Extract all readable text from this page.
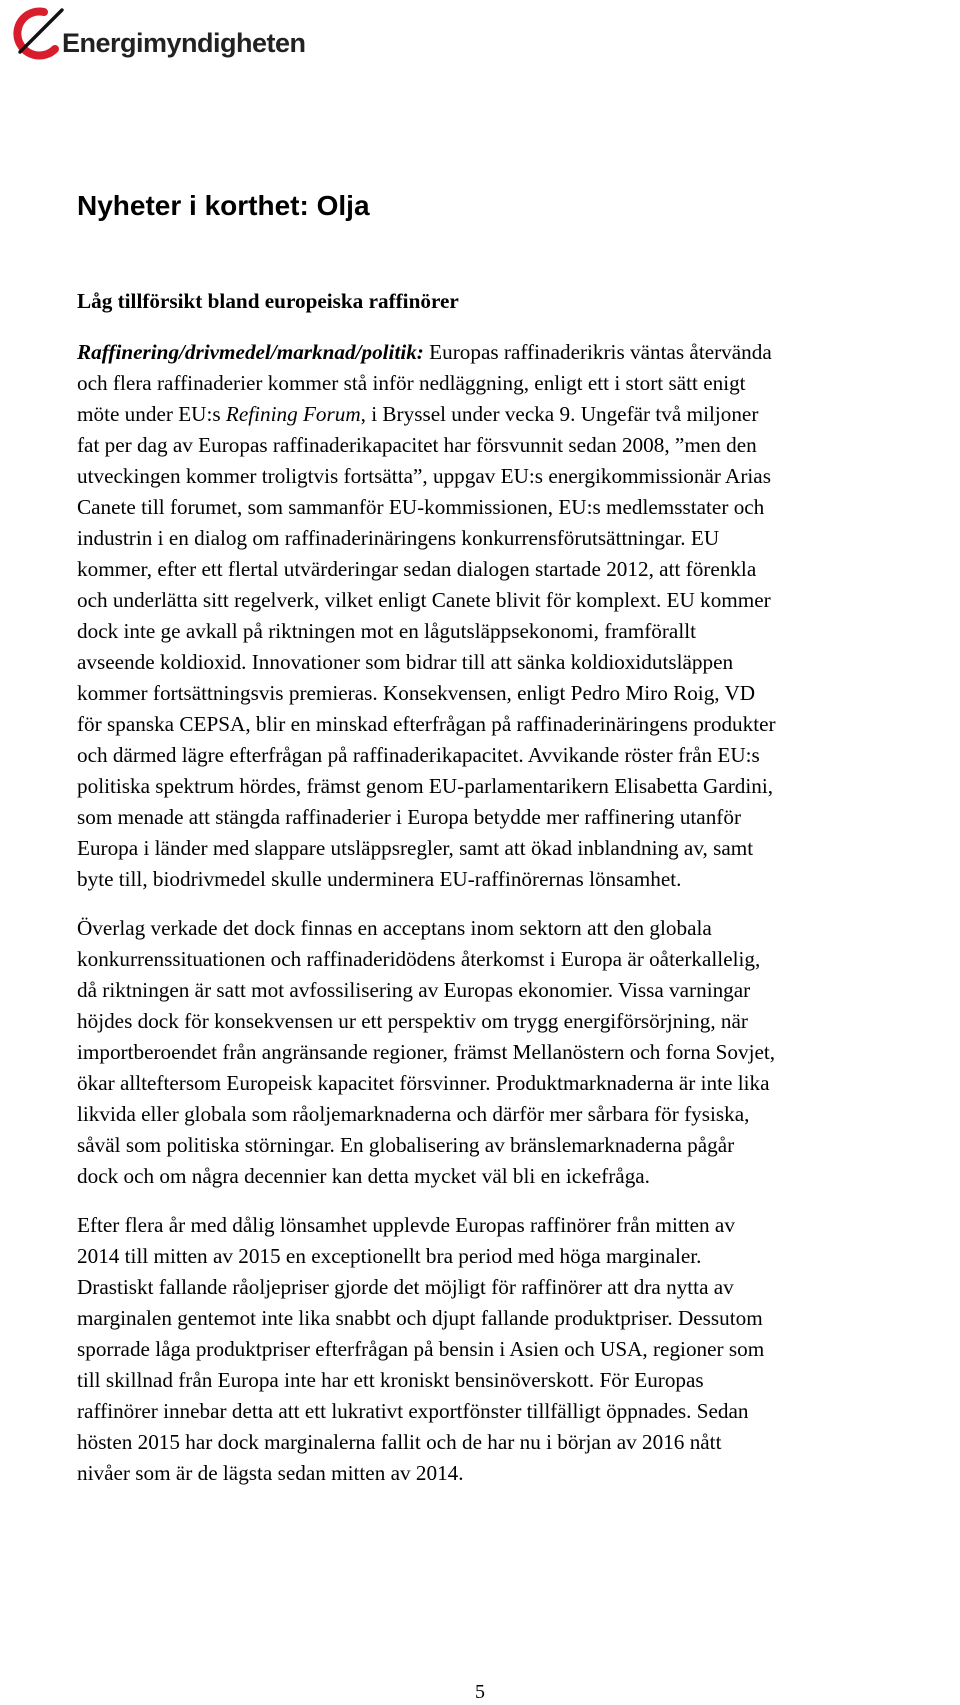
Energimyndigheten
Nyheter i korthet: Olja
Låg tillförsikt bland europeiska raffinörer
Raffinering/drivmedel/marknad/politik: Europas raffinaderikris väntas återvända
och flera raffinaderier kommer stå inför nedläggning, enligt ett i stort sätt enigt
möte under EU:s Refining Forum, i Bryssel under vecka 9. Ungefär två miljoner
fat per dag av Europas raffinaderikapacitet har försvunnit sedan 2008, ”men den
utveckingen kommer troligtvis fortsätta”, uppgav EU:s energikommissionär Arias
Canete till forumet, som sammanför EU-kommissionen, EU:s medlemsstater och
industrin i en dialog om raffinaderinäringens konkurrensförutsättningar. EU
kommer, efter ett flertal utvärderingar sedan dialogen startade 2012, att förenkla
och underlätta sitt regelverk, vilket enligt Canete blivit för komplext. EU kommer
dock inte ge avkall på riktningen mot en lågutsläppsekonomi, framförallt
avseende koldioxid. Innovationer som bidrar till att sänka koldioxidutsläppen
kommer fortsättningsvis premieras. Konsekvensen, enligt Pedro Miro Roig, VD
för spanska CEPSA, blir en minskad efterfrågan på raffinaderinäringens produkter
och därmed lägre efterfrågan på raffinaderikapacitet. Avvikande röster från EU:s
politiska spektrum hördes, främst genom EU-parlamentarikern Elisabetta Gardini,
som menade att stängda raffinaderier i Europa betydde mer raffinering utanför
Europa i länder med slappare utsläppsregler, samt att ökad inblandning av, samt
byte till, biodrivmedel skulle underminera EU-raffinörernas lönsamhet.
Överlag verkade det dock finnas en acceptans inom sektorn att den globala
konkurrenssituationen och raffinaderidödens återkomst i Europa är oåterkallelig,
då riktningen är satt mot avfossilisering av Europas ekonomier. Vissa varningar
höjdes dock för konsekvensen ur ett perspektiv om trygg energiförsörjning, när
importberoendet från angränsande regioner, främst Mellanöstern och forna Sovjet,
ökar allteftersom Europeisk kapacitet försvinner. Produktmarknaderna är inte lika
likvida eller globala som råoljemarknaderna och därför mer sårbara för fysiska,
såväl som politiska störningar. En globalisering av bränslemarknaderna pågår
dock och om några decennier kan detta mycket väl bli en ickefråga.
Efter flera år med dålig lönsamhet upplevde Europas raffinörer från mitten av
2014 till mitten av 2015 en exceptionellt bra period med höga marginaler.
Drastiskt fallande råoljepriser gjorde det möjligt för raffinörer att dra nytta av
marginalen gentemot inte lika snabbt och djupt fallande produktpriser. Dessutom
sporrade låga produktpriser efterfrågan på bensin i Asien och USA, regioner som
till skillnad från Europa inte har ett kroniskt bensinöverskott. För Europas
raffinörer innebar detta att ett lukrativt exportfönster tillfälligt öppnades. Sedan
hösten 2015 har dock marginalerna fallit och de har nu i början av 2016 nått
nivåer som är de lägsta sedan mitten av 2014.
5
